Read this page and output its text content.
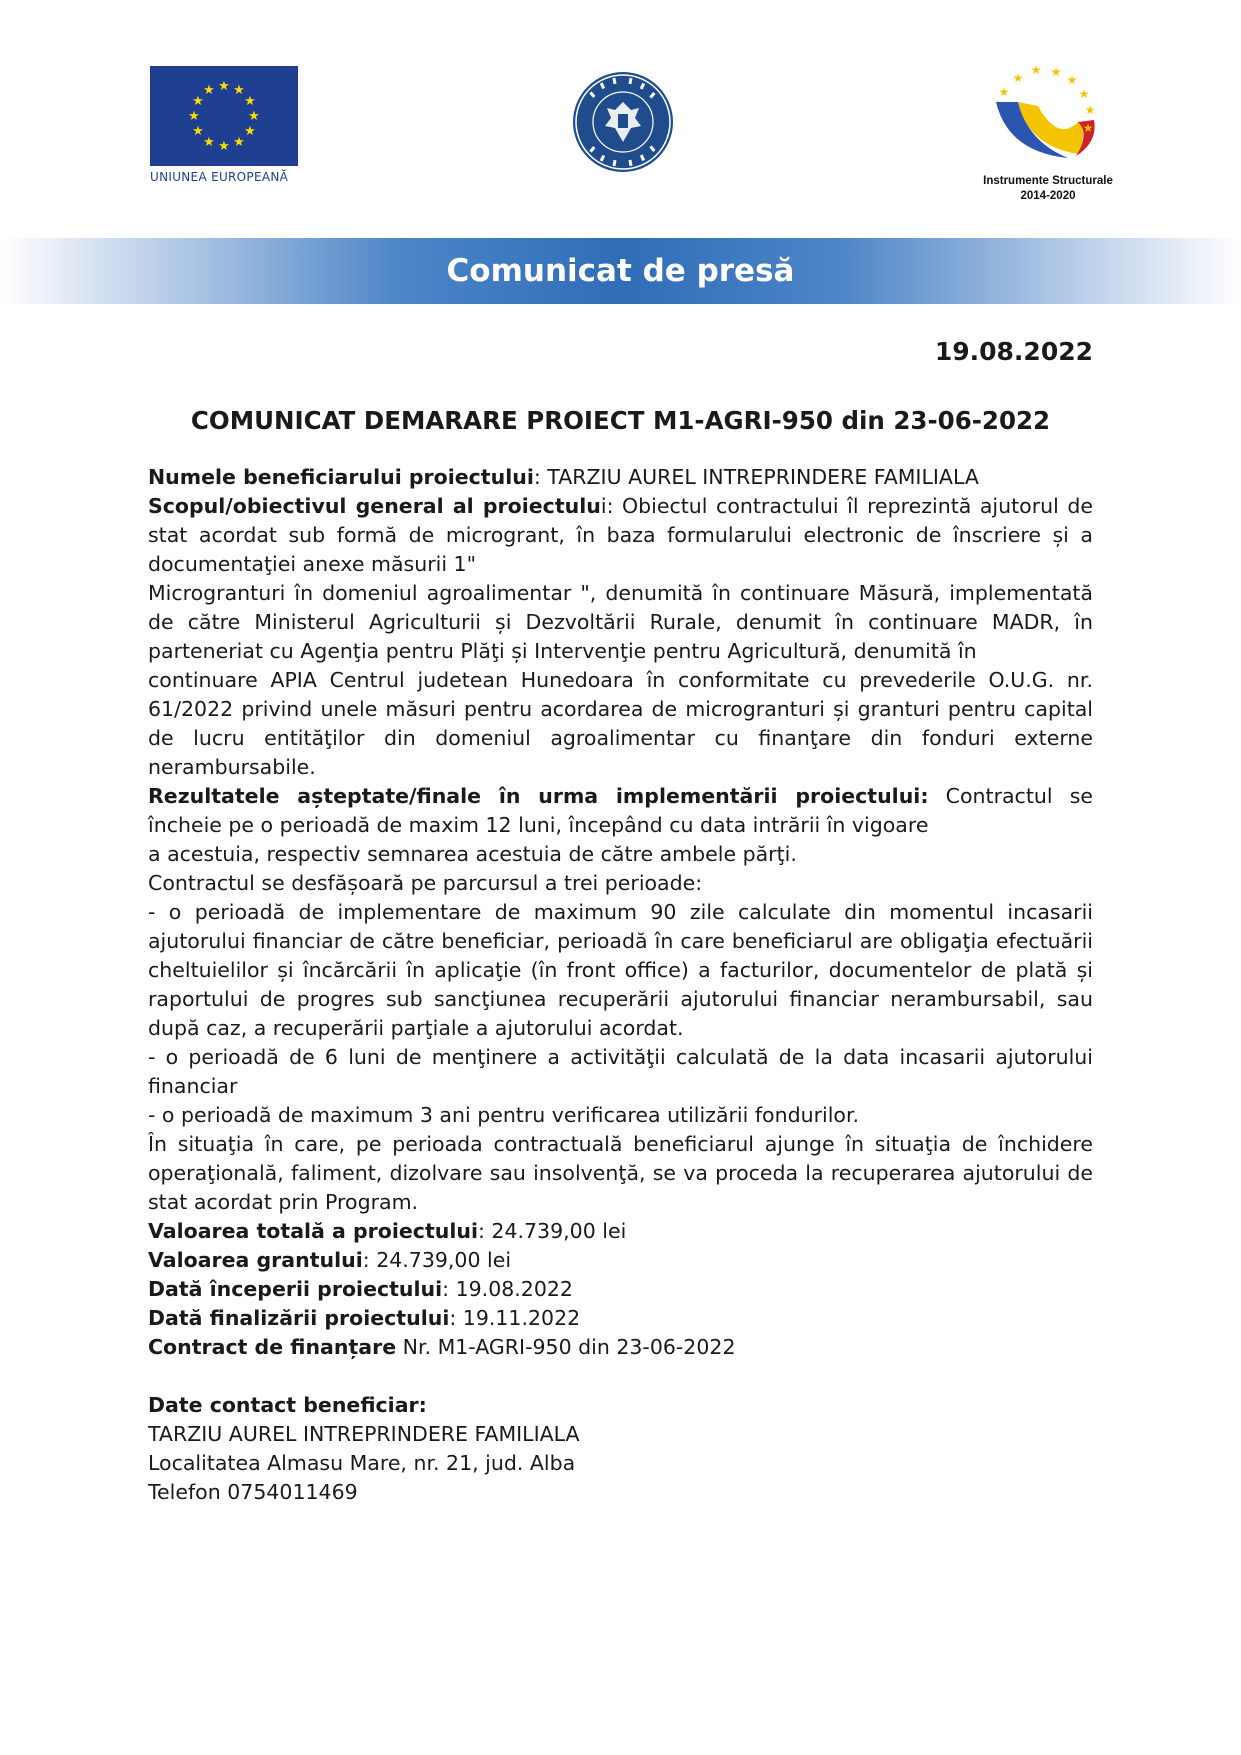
★ ★
★
★
★
★
★
★
★
★
★
★
UNIUNEA EUROPEANĂ
★
★
★ ★
★
★
★
★
Instrumente Structurale
2014-2020
Comunicat de presă
19.08.2022
COMUNICAT DEMARARE PROIECT M1-AGRI-950 din 23-06-2022

Numele beneficiarului proiectului: TARZIU AUREL INTREPRINDERE FAMILIALA

Scopul/obiectivul general al proiectului: Obiectul contractului îl reprezintă ajutorul de stat acordat sub formă de microgrant, în baza formularului electronic de înscriere și a documentaţiei anexe măsurii 1"

Microgranturi în domeniul agroalimentar ", denumită în continuare Măsură, implementată de către Ministerul Agriculturii și Dezvoltării Rurale, denumit în continuare MADR, în parteneriat cu Agenţia pentru Plăţi și Intervenţie pentru Agricultură, denumită în

continuare APIA Centrul judetean Hunedoara în conformitate cu prevederile O.U.G. nr. 61/2022 privind unele măsuri pentru acordarea de microgranturi și granturi pentru capital de lucru entităţilor din domeniul agroalimentar cu finanţare din fonduri externe nerambursabile.

Rezultatele așteptate/finale în urma implementării proiectului: Contractul se încheie pe o perioadă de maxim 12 luni, începând cu data intrării în vigoare

a acestuia, respectiv semnarea acestuia de către ambele părţi.

Contractul se desfășoară pe parcursul a trei perioade:

- o perioadă de implementare de maximum 90 zile calculate din momentul incasarii ajutorului financiar de către beneficiar, perioadă în care beneficiarul are obligaţia efectuării cheltuielilor și încărcării în aplicaţie (în front office) a facturilor, documentelor de plată și raportului de progres sub sancţiunea recuperării ajutorului financiar nerambursabil, sau după caz, a recuperării parţiale a ajutorului acordat.

- o perioadă de 6 luni de menţinere a activităţii calculată de la data incasarii ajutorului financiar

- o perioadă de maximum 3 ani pentru verificarea utilizării fondurilor.

În situaţia în care, pe perioada contractuală beneficiarul ajunge în situaţia de închidere operaţională, faliment, dizolvare sau insolvenţă, se va proceda la recuperarea ajutorului de stat acordat prin Program.

Valoarea totală a proiectului: 24.739,00 lei

Valoarea grantului: 24.739,00 lei

Dată începerii proiectului: 19.08.2022

Dată finalizării proiectului: 19.11.2022

Contract de finanțare Nr. M1-AGRI-950 din 23-06-2022

Date contact beneficiar:

TARZIU AUREL INTREPRINDERE FAMILIALA

Localitatea Almasu Mare, nr. 21, jud. Alba

Telefon 0754011469
